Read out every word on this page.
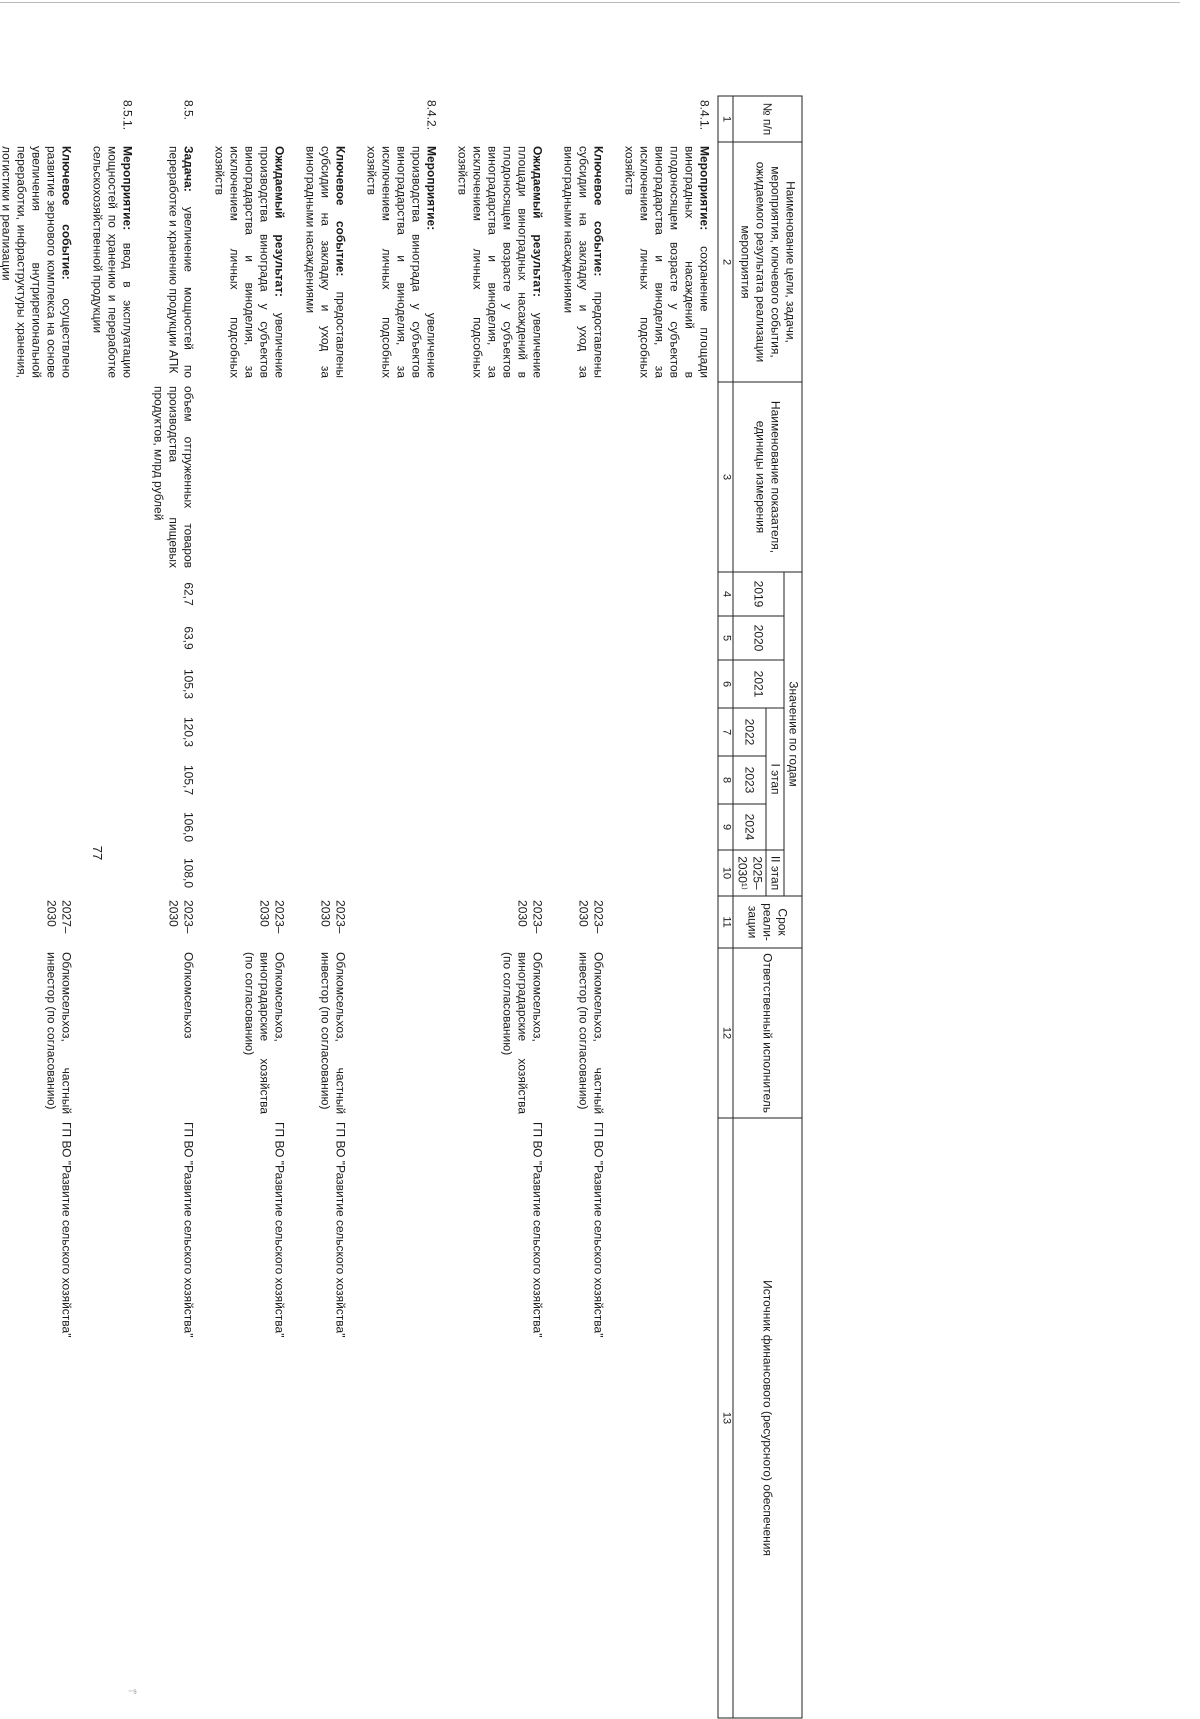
77
⁻ˢ
№ п/п	Наименование цели, задачи, мероприятия, ключевого события, ожидаемого результата реализации мероприятия	Наименование показателя, единицы измерения	Значение по годам							Срок реали- зации	Ответственный исполнитель	Источник финансового (ресурсного) обеспечения
			2019	2020	2021	I этап			II этап			
						2022	2023	2024	2025– 2030¹⁾			
1	2	3	4	5	6	7	8	9	10	11	12	13
8.4.1.	Мероприятие: сохранение площади виноградных насаждений в плодоносящем возрасте у субъектов виноградарства и виноделия, за исключением личных подсобных хозяйств											
	Ключевое событие: предоставлены субсидии на закладку и уход за виноградными насаждениями									2023– 2030	Облкомсельхоз, частный инвестор (по согласованию)	ГП ВО "Развитие сельского хозяйства"
	Ожидаемый результат: увеличение площади виноградных насаждений в плодоносящем возрасте у субъектов виноградарства и виноделия, за исключением личных подсобных хозяйств									2023– 2030	Облкомсельхоз, виноградарские хозяйства (по согласованию)	ГП ВО "Развитие сельского хозяйства"
8.4.2.	Мероприятие: увеличение производства винограда у субъектов виноградарства и виноделия, за исключением личных подсобных хозяйств											
	Ключевое событие: предоставлены субсидии на закладку и уход за виноградными насаждениями									2023– 2030	Облкомсельхоз, частный инвестор (по согласованию)	ГП ВО "Развитие сельского хозяйства"
	Ожидаемый результат: увеличение производства винограда у субъектов виноградарства и виноделия, за исключением личных подсобных хозяйств									2023– 2030	Облкомсельхоз, виноградарские хозяйства (по согласованию)	ГП ВО "Развитие сельского хозяйства"
8.5.	Задача: увеличение мощностей по переработке и хранению продукции АПК	объем отгруженных товаров производства пищевых продуктов, млрд рублей	62,7	63,9	105,3	120,3	105,7	106,0	108,0	2023– 2030	Облкомсельхоз	ГП ВО "Развитие сельского хозяйства"
8.5.1.	Мероприятие: ввод в эксплуатацию мощностей по хранению и переработке сельскохозяйственной продукции											
	Ключевое событие: осуществлено развитие зернового комплекса на основе увеличения внутрирегиональной переработки, инфраструктуры хранения, логистики и реализации									2027– 2030	Облкомсельхоз, частный инвестор (по согласованию)	ГП ВО "Развитие сельского хозяйства"
